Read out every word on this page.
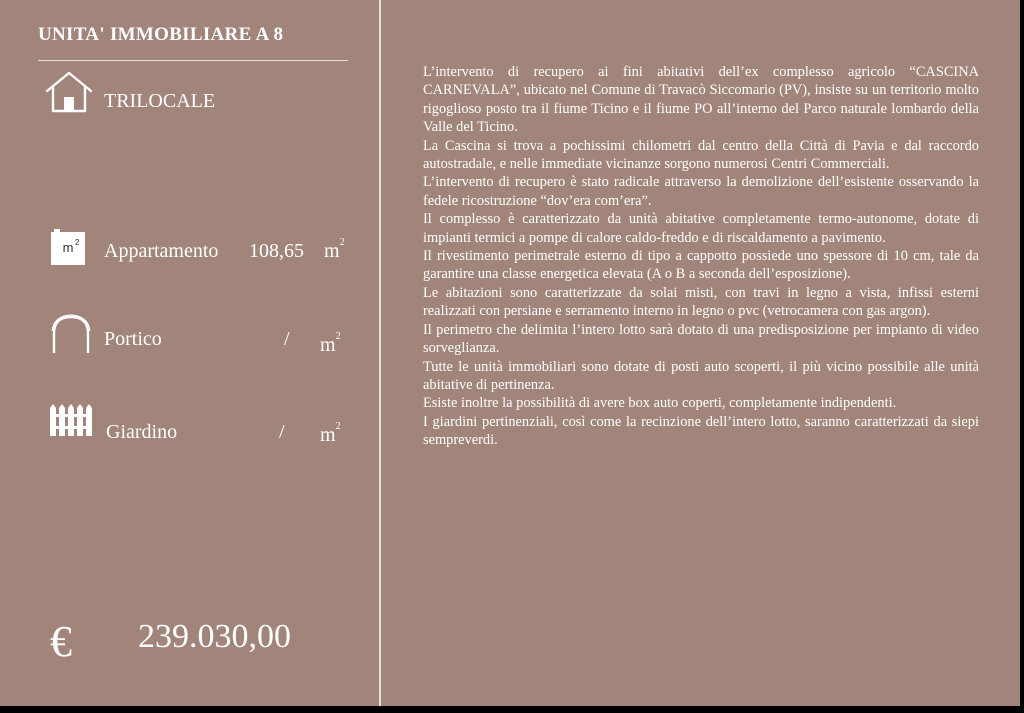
UNITA' IMMOBILIARE A 8
TRILOCALE
m 2 Appartamento 108,65 $m^2$
Portico	/ $m^2$
Giardino	/ $m^2$
€ 239.030,00

L’intervento di recupero ai fini abitativi dell’ex complesso agricolo “CASCINA CARNEVALA”, ubicato nel Comune di Travacò Siccomario (PV), insiste su un territorio molto rigoglioso posto tra il fiume Ticino e il fiume PO all’interno del Parco naturale lombardo della Valle del Ticino.

La Cascina si trova a pochissimi chilometri dal centro della Città di Pavia e dal raccordo autostradale, e nelle immediate vicinanze sorgono numerosi Centri Commerciali.

L’intervento di recupero è stato radicale attraverso la demolizione dell’esistente osservando la fedele ricostruzione “dov’era com’era”.

Il complesso è caratterizzato da unità abitative completamente termo-autonome, dotate di impianti termici a pompe di calore caldo-freddo e di riscaldamento a pavimento.

Il rivestimento perimetrale esterno di tipo a cappotto possiede uno spessore di 10 cm, tale da garantire una classe energetica elevata (A o B a seconda dell’esposizione).

Le abitazioni sono caratterizzate da solai misti, con travi in legno a vista, infissi esterni realizzati con persiane e serramento interno in legno o pvc (vetrocamera con gas argon).

Il perimetro che delimita l’intero lotto sarà dotato di una predisposizione per impianto di video sorveglianza.

Tutte le unità immobiliari sono dotate di posti auto scoperti, il più vicino possibile alle unità abitative di pertinenza.

Esiste inoltre la possibilità di avere box auto coperti, completamente indipendenti.

I giardini pertinenziali, così come la recinzione dell’intero lotto, saranno caratterizzati da siepi sempreverdi.
